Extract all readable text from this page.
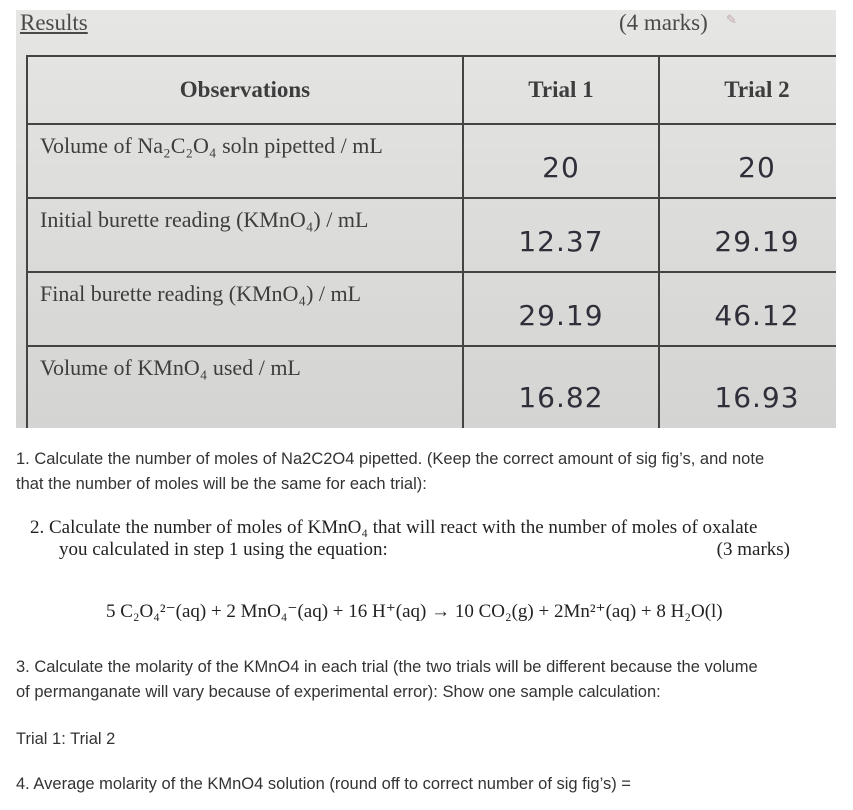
Results	(4 marks) ✎
Observations	Trial 1	Trial 2

Volume of Na₂C₂O₄ soln pipetted / mL	20	20

Initial burette reading (KMnO₄) / mL	12.37	29.19

Final burette reading (KMnO₄) / mL	29.19	46.12

Volume of KMnO₄ used / mL	16.82	16.93
1. Calculate the number of moles of Na2C2O4 pipetted. (Keep the correct amount of sig fig’s, and note
that the number of moles will be the same for each trial):
2. Calculate the number of moles of KMnO₄ that will react with the number of moles of oxalate
you calculated in step 1 using the equation:	(3 marks)
5 C₂O₄²⁻(aq) + 2 MnO₄⁻(aq) + 16 H⁺(aq) → 10 CO₂(g) + 2Mn²⁺(aq) + 8 H₂O(l)
3. Calculate the molarity of the KMnO4 in each trial (the two trials will be different because the volume
of permanganate will vary because of experimental error): Show one sample calculation:
Trial 1: Trial 2
4. Average molarity of the KMnO4 solution (round off to correct number of sig fig’s) =
